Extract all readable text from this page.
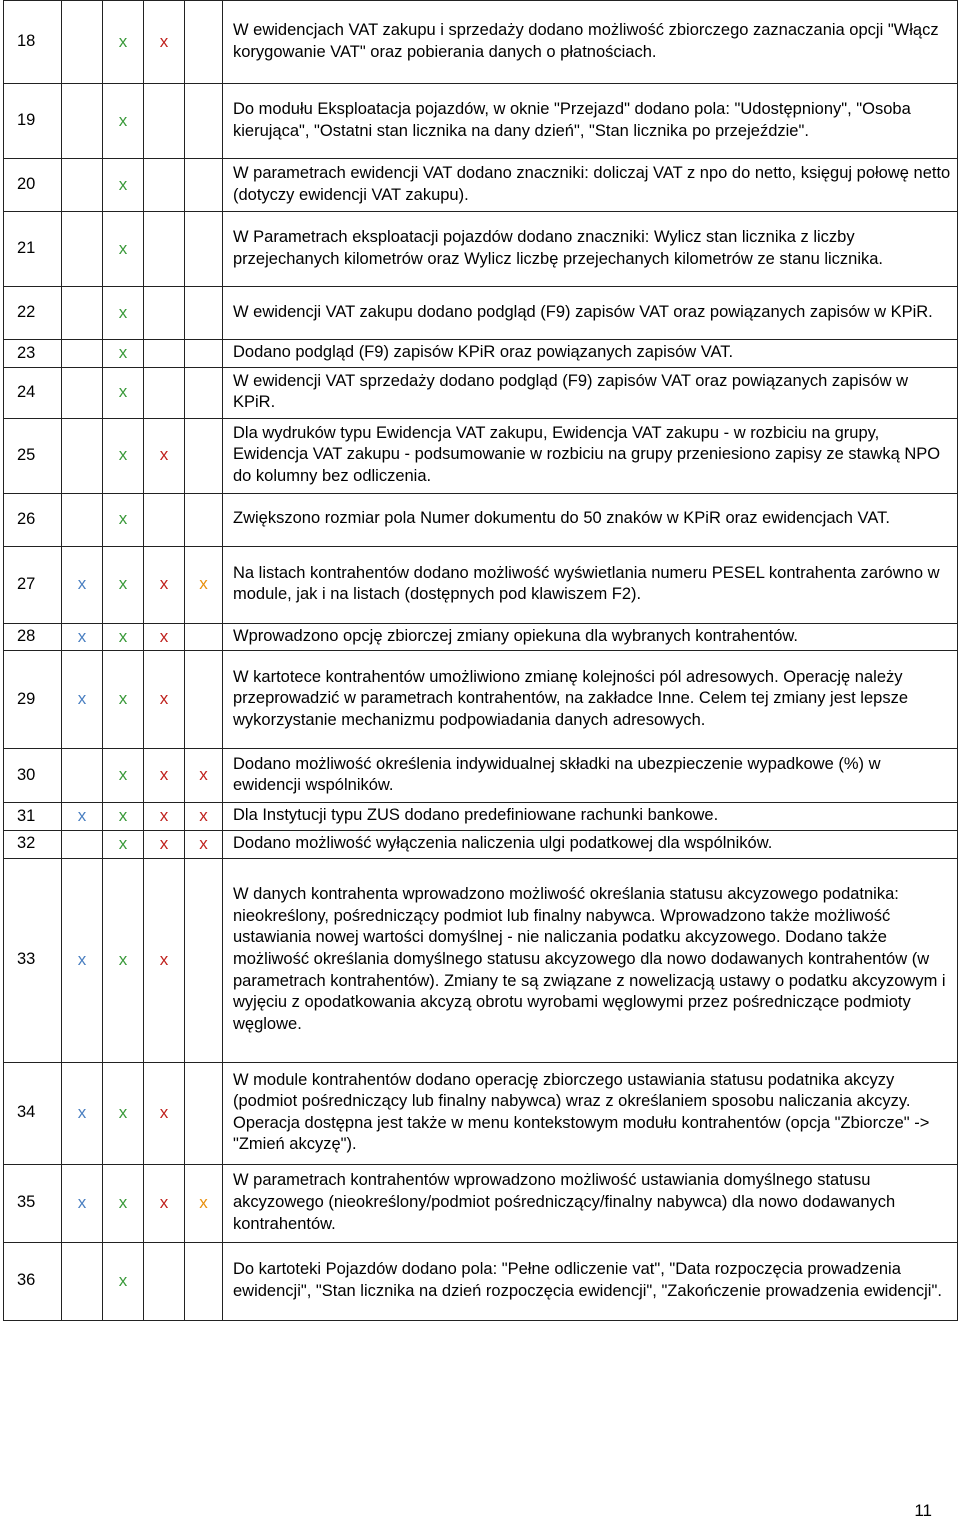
18		x	x		W ewidencjach VAT zakupu i sprzedaży dodano możliwość zbiorczego zaznaczania opcji "Włącz korygowanie VAT" oraz pobierania danych o płatnościach.
19		x			Do modułu Eksploatacja pojazdów, w oknie "Przejazd" dodano pola: "Udostępniony", "Osoba kierująca", "Ostatni stan licznika na dany dzień", "Stan licznika po przejeździe".
20		x			W parametrach ewidencji VAT dodano znaczniki: doliczaj VAT z npo do netto, księguj połowę netto (dotyczy ewidencji VAT zakupu).
21		x			W Parametrach eksploatacji pojazdów dodano znaczniki: Wylicz stan licznika z liczby przejechanych kilometrów oraz Wylicz liczbę przejechanych kilometrów ze stanu licznika.
22		x			W ewidencji VAT zakupu dodano podgląd (F9) zapisów VAT oraz powiązanych zapisów w KPiR.
23		x			Dodano podgląd (F9) zapisów KPiR oraz powiązanych zapisów VAT.
24		x			W ewidencji VAT sprzedaży dodano podgląd (F9) zapisów VAT oraz powiązanych zapisów w KPiR.
25		x	x		Dla wydruków typu Ewidencja VAT zakupu, Ewidencja VAT zakupu - w rozbiciu na grupy, Ewidencja VAT zakupu - podsumowanie w rozbiciu na grupy przeniesiono zapisy ze stawką NPO do kolumny bez odliczenia.
26		x			Zwiększono rozmiar pola Numer dokumentu do 50 znaków w KPiR oraz ewidencjach VAT.
27	x	x	x	x	Na listach kontrahentów dodano możliwość wyświetlania numeru PESEL kontrahenta zarówno w module, jak i na listach (dostępnych pod klawiszem F2).
28	x	x	x		Wprowadzono opcję zbiorczej zmiany opiekuna dla wybranych kontrahentów.
29	x	x	x		W kartotece kontrahentów umożliwiono zmianę kolejności pól adresowych. Operację należy przeprowadzić w parametrach kontrahentów, na zakładce Inne. Celem tej zmiany jest lepsze wykorzystanie mechanizmu podpowiadania danych adresowych.
30		x	x	x	Dodano możliwość określenia indywidualnej składki na ubezpieczenie wypadkowe (%) w ewidencji wspólników.
31	x	x	x	x	Dla Instytucji typu ZUS dodano predefiniowane rachunki bankowe.
32		x	x	x	Dodano możliwość wyłączenia naliczenia ulgi podatkowej dla wspólników.
33	x	x	x		W danych kontrahenta wprowadzono możliwość określania statusu akcyzowego podatnika: nieokreślony, pośredniczący podmiot lub finalny nabywca. Wprowadzono także możliwość ustawiania nowej wartości domyślnej - nie naliczania podatku akcyzowego. Dodano także możliwość określania domyślnego statusu akcyzowego dla nowo dodawanych kontrahentów (w parametrach kontrahentów). Zmiany te są związane z nowelizacją ustawy o podatku akcyzowym i wyjęciu z opodatkowania akcyzą obrotu wyrobami węglowymi przez pośredniczące podmioty węglowe.
34	x	x	x		W module kontrahentów dodano operację zbiorczego ustawiania statusu podatnika akcyzy (podmiot pośredniczący lub finalny nabywca) wraz z określaniem sposobu naliczania akcyzy. Operacja dostępna jest także w menu kontekstowym modułu kontrahentów (opcja "Zbiorcze" -> "Zmień akcyzę").
35	x	x	x	x	W parametrach kontrahentów wprowadzono możliwość ustawiania domyślnego statusu akcyzowego (nieokreślony/podmiot pośredniczący/finalny nabywca) dla nowo dodawanych kontrahentów.
36		x			Do kartoteki Pojazdów dodano pola: "Pełne odliczenie vat", "Data rozpoczęcia prowadzenia ewidencji", "Stan licznika na dzień rozpoczęcia ewidencji", "Zakończenie prowadzenia ewidencji".
11
